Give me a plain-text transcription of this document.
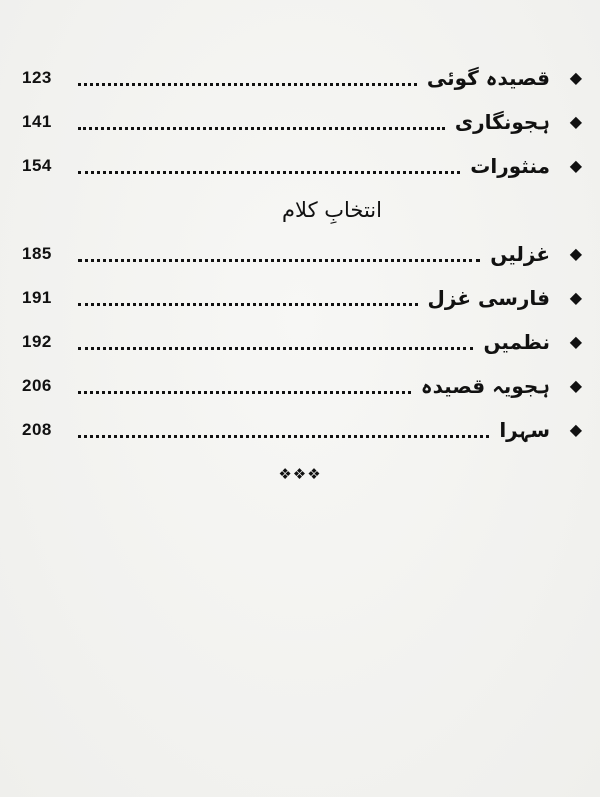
123	قصیدہ گوئی	◆
141	ہجونگاری	◆
154	منثورات	◆
انتخابِ کلام
185	غزلیں	◆
191	فارسی غزل	◆
192	نظمیں	◆
206	ہجویہ قصیدہ	◆
208	سہرا	◆
❖❖❖
